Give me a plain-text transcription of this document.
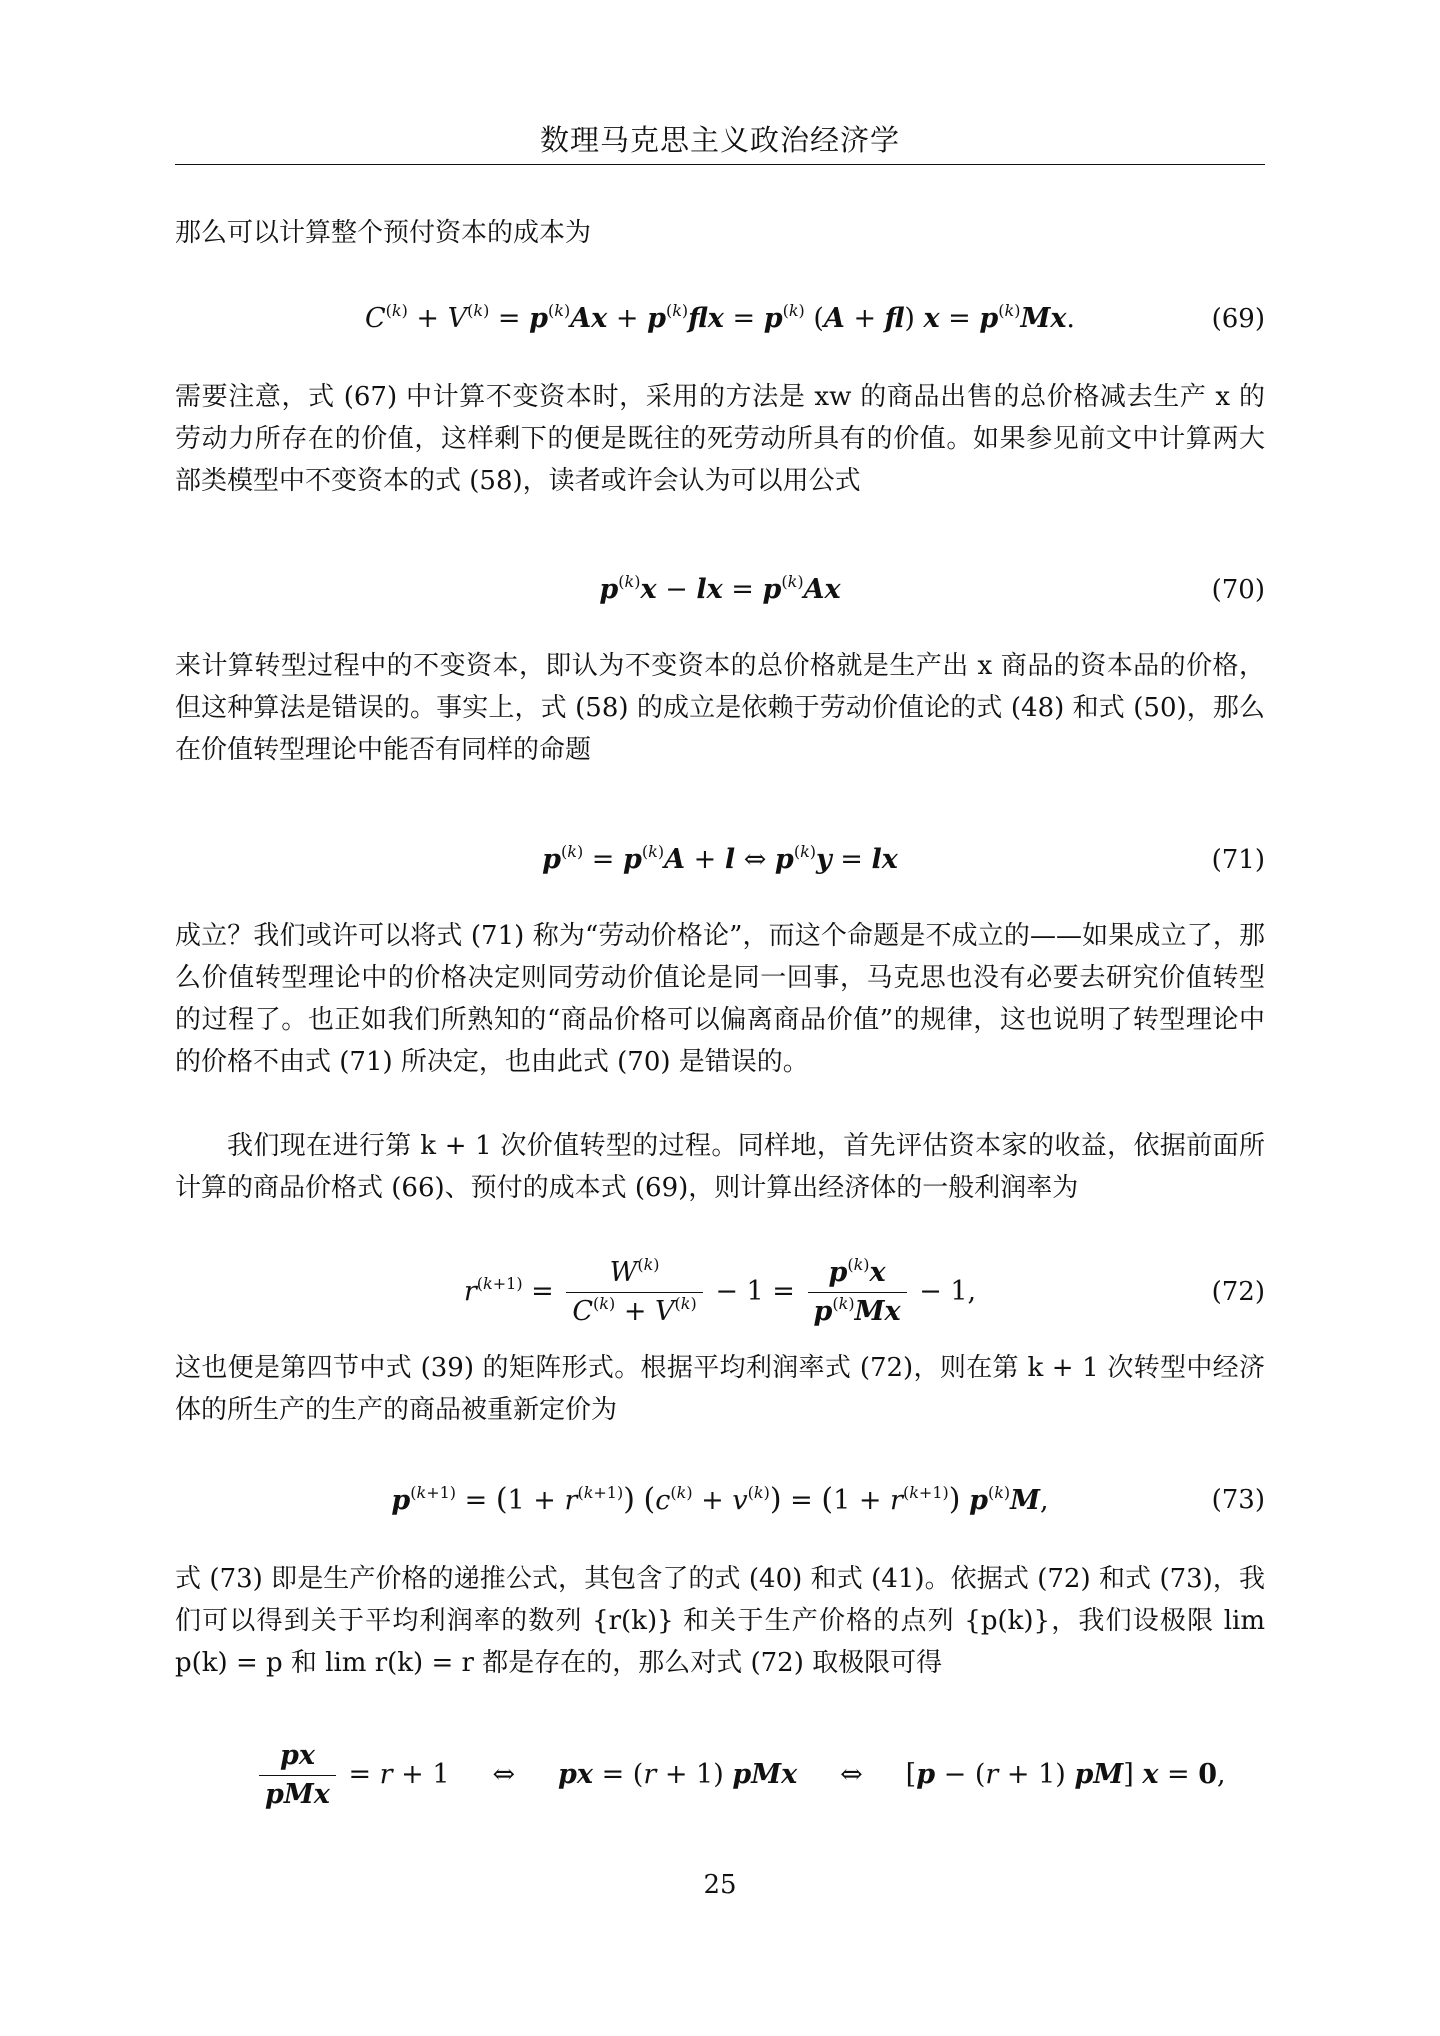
数理马克思主义政治经济学

那么可以计算整个预付资本的成本为

$C^{(k)} + V^{(k)} = p^{(k)}Ax + p^{(k)}flx = p^{(k)}$ (A + fl) $x = p^{(k)}Mx$.	(69)

需要注意，式 (67) 中计算不变资本时，采用的方法是 xw 的商品出售的总价格减去生产 x 的劳动力所存在的价值，这样剩下的便是既往的死劳动所具有的价值。如果参见前文中计算两大部类模型中不变资本的式 (58)，读者或许会认为可以用公式

$p^{(k)}x$ − lx = $p^{(k)}Ax$	(70)

来计算转型过程中的不变资本，即认为不变资本的总价格就是生产出 x 商品的资本品的价格，但这种算法是错误的。事实上，式 (58) 的成立是依赖于劳动价值论的式 (48) 和式 (50)，那么在价值转型理论中能否有同样的命题

$p^{(k)} = p^{(k)}A + l$ ⇔ $p^{(k)}y$ = lx	(71)

成立？我们或许可以将式 (71) 称为“劳动价格论”，而这个命题是不成立的——如果成立了，那么价值转型理论中的价格决定则同劳动价值论是同一回事，马克思也没有必要去研究价值转型的过程了。也正如我们所熟知的“商品价格可以偏离商品价值”的规律，这也说明了转型理论中的价格不由式 (71) 所决定，也由此式 (70) 是错误的。

我们现在进行第 k + 1 次价值转型的过程。同样地，首先评估资本家的收益，依据前面所计算的商品价格式 (66)、预付的成本式 (69)，则计算出经济体的一般利润率为

$r^{(k+1)} = \frac{W^{(k)}}{C^{(k)} + V^{(k)}} - 1 = \frac{p^{(k)}x}{p^{(k)}Mx} - 1$,	(72)

这也便是第四节中式 (39) 的矩阵形式。根据平均利润率式 (72)，则在第 k + 1 次转型中经济体的所生产的生产的商品被重新定价为

$p^{(k+1)} = (1 + r^{(k+1)}) (c^{(k)} + v^{(k)}) = (1 + r^{(k+1)})$ $p^{(k)}M$,	(73)

式 (73) 即是生产价格的递推公式，其包含了的式 (40) 和式 (41)。依据式 (72) 和式 (73)，我们可以得到关于平均利润率的数列 {r(k)} 和关于生产价格的点列 {p(k)}，我们设极限 lim p(k) = p 和 lim r(k) = r 都是存在的，那么对式 (72) 取极限可得

$\frac{px}{\text{pMx}} = r + 1$     ⇔     px = (r + 1) pMx     ⇔     [p − (r + 1) pM] x = 0,
25
